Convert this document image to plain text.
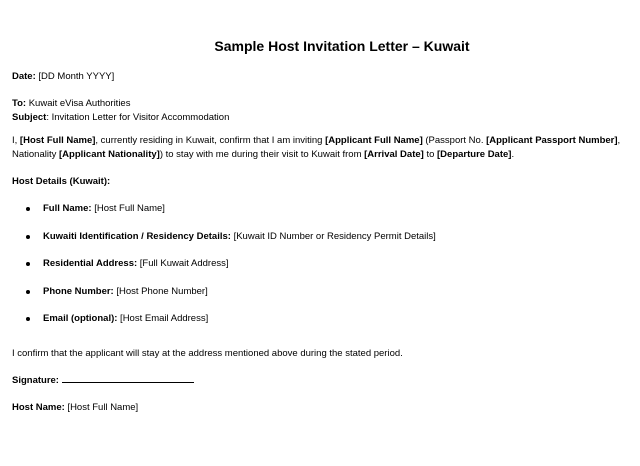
Sample Host Invitation Letter – Kuwait

Date: [DD Month YYYY]

To: Kuwait eVisa Authorities
Subject: Invitation Letter for Visitor Accommodation

I, [Host Full Name], currently residing in Kuwait, confirm that I am inviting [Applicant Full Name] (Passport No. [Applicant Passport Number], Nationality [Applicant Nationality]) to stay with me during their visit to Kuwait from [Arrival Date] to [Departure Date].

Host Details (Kuwait):

Full Name: [Host Full Name]
Kuwaiti Identification / Residency Details: [Kuwait ID Number or Residency Permit Details]
Residential Address: [Full Kuwait Address]
Phone Number: [Host Phone Number]
Email (optional): [Host Email Address]

I confirm that the applicant will stay at the address mentioned above during the stated period.

Signature:

Host Name: [Host Full Name]
